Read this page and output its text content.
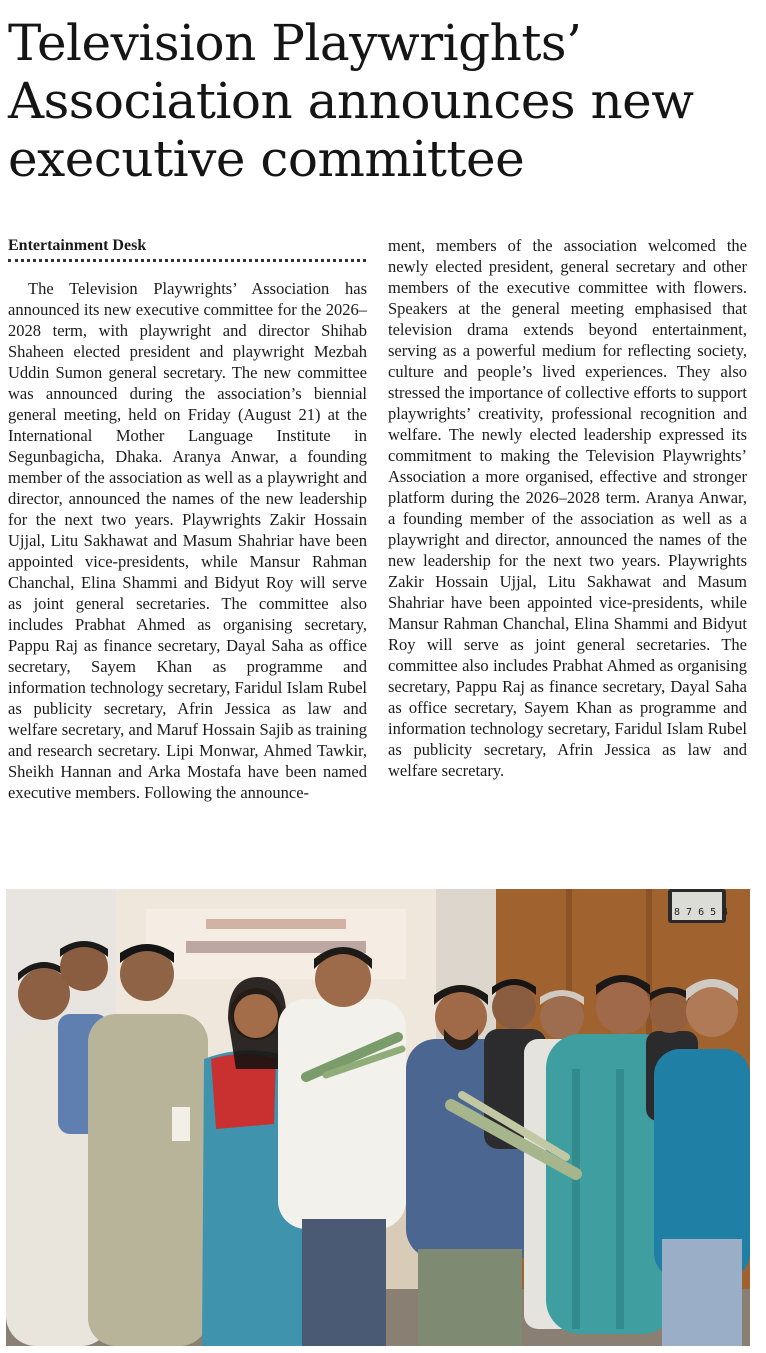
Television Playwrights’ Association announces new executive committee
Entertainment Desk

The Television Playwrights’ Association has announced its new executive committee for the 2026–2028 term, with playwright and director Shihab Shaheen elected president and playwright Mezbah Uddin Sumon general secretary. The new committee was announced during the association’s biennial general meeting, held on Friday (August 21) at the International Mother Language Institute in Segunbagicha, Dhaka. Aranya Anwar, a founding member of the association as well as a playwright and director, announced the names of the new leadership for the next two years. Playwrights Zakir Hossain Ujjal, Litu Sakhawat and Masum Shahriar have been appointed vice-presidents, while Mansur Rahman Chanchal, Elina Shammi and Bidyut Roy will serve as joint general secretaries. The committee also includes Prabhat Ahmed as organising secretary, Pappu Raj as finance secretary, Dayal Saha as office secretary, Sayem Khan as programme and information technology secretary, Faridul Islam Rubel as publicity secretary, Afrin Jessica as law and welfare secretary, and Maruf Hossain Sajib as training and research secretary. Lipi Monwar, Ahmed Tawkir, Sheikh Hannan and Arka Mostafa have been named executive members. Following the announce-

ment, members of the association welcomed the newly elected president, general secretary and other members of the executive committee with flowers. Speakers at the general meeting emphasised that television drama extends beyond entertainment, serving as a powerful medium for reflecting society, culture and people’s lived experiences. They also stressed the importance of collective efforts to support playwrights’ creativity, professional recognition and welfare. The newly elected leadership expressed its commitment to making the Television Playwrights’ Association a more organised, effective and stronger platform during the 2026–2028 term. Aranya Anwar, a founding member of the association as well as a playwright and director, announced the names of the new leadership for the next two years. Playwrights Zakir Hossain Ujjal, Litu Sakhawat and Masum Shahriar have been appointed vice-presidents, while Mansur Rahman Chanchal, Elina Shammi and Bidyut Roy will serve as joint general secretaries. The committee also includes Prabhat Ahmed as organising secretary, Pappu Raj as finance secretary, Dayal Saha as office secretary, Sayem Khan as programme and information technology secretary, Faridul Islam Rubel as publicity secretary, Afrin Jessica as law and welfare secretary.

8 7 6 5 4
